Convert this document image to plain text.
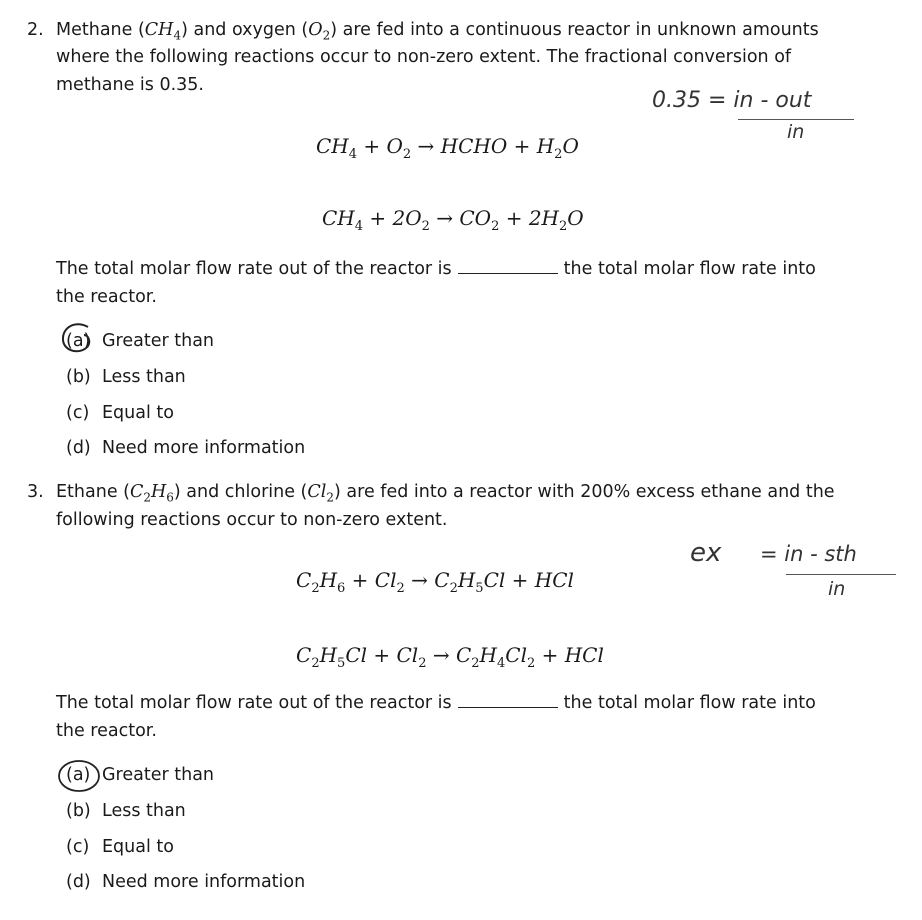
2. Methane $(CH_4)$ and oxygen $(O_2)$ are fed into a continuous reactor in unknown amounts
where the following reactions occur to non-zero extent. The fractional conversion of
methane is 0.35.
0.35 = in - out
in
$CH_4 + O_2$ → HCHO + $H_2O$
$CH_4 + 2O_2 \to CO_2 + 2H_2O$
The total molar flow rate out of the reactor is	the total molar flow rate into
the reactor.
(a) Greater than
(b) Less than
(c) Equal to
(d) Need more information
3. Ethane $(C_2H_6)$ and chlorine $(Cl_2)$ are fed into a reactor with 200% excess ethane and the
following reactions occur to non-zero extent.
ex = in - sth
in
$C_2H_6 + Cl_2 \to C_2H_5Cl$ + HCl
$C_2H_5Cl + Cl_2 \to C_2H_4Cl_2$ + HCl
The total molar flow rate out of the reactor is	the total molar flow rate into
the reactor.
(a) Greater than
(b) Less than
(c) Equal to
(d) Need more information
